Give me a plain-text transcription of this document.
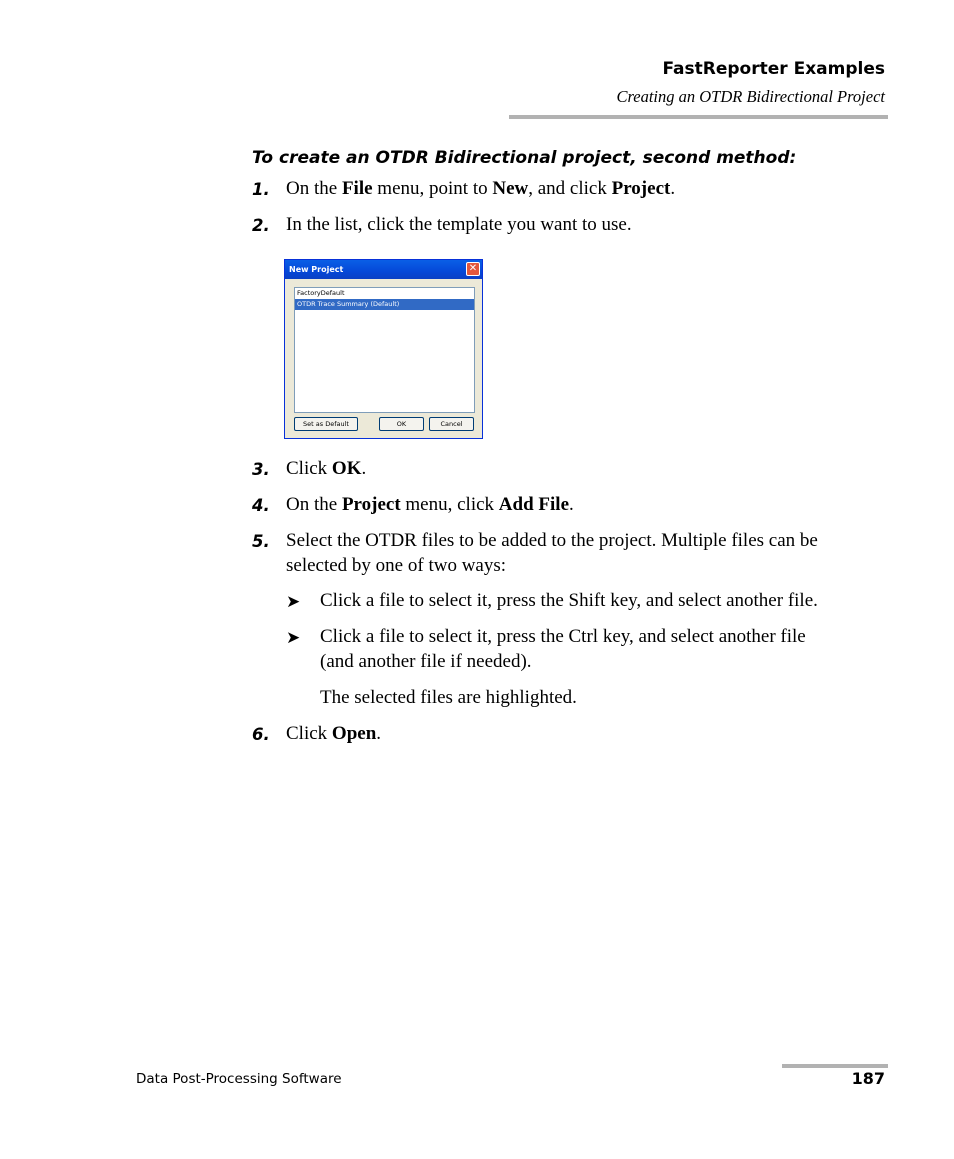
FastReporter Examples
Creating an OTDR Bidirectional Project
To create an OTDR Bidirectional project, second method:
1. On the File menu, point to New, and click Project.
2. In the list, click the template you want to use.
New Project	✕
FactoryDefault
OTDR Trace Summary (Default)
Set as Default	OK	Cancel
3. Click OK.
4. On the Project menu, click Add File.
5. Select the OTDR files to be added to the project. Multiple files can be
selected by one of two ways:
➤ Click a file to select it, press the Shift key, and select another file.
➤ Click a file to select it, press the Ctrl key, and select another file
(and another file if needed).
The selected files are highlighted.
6. Click Open.
Data Post-Processing Software	187
